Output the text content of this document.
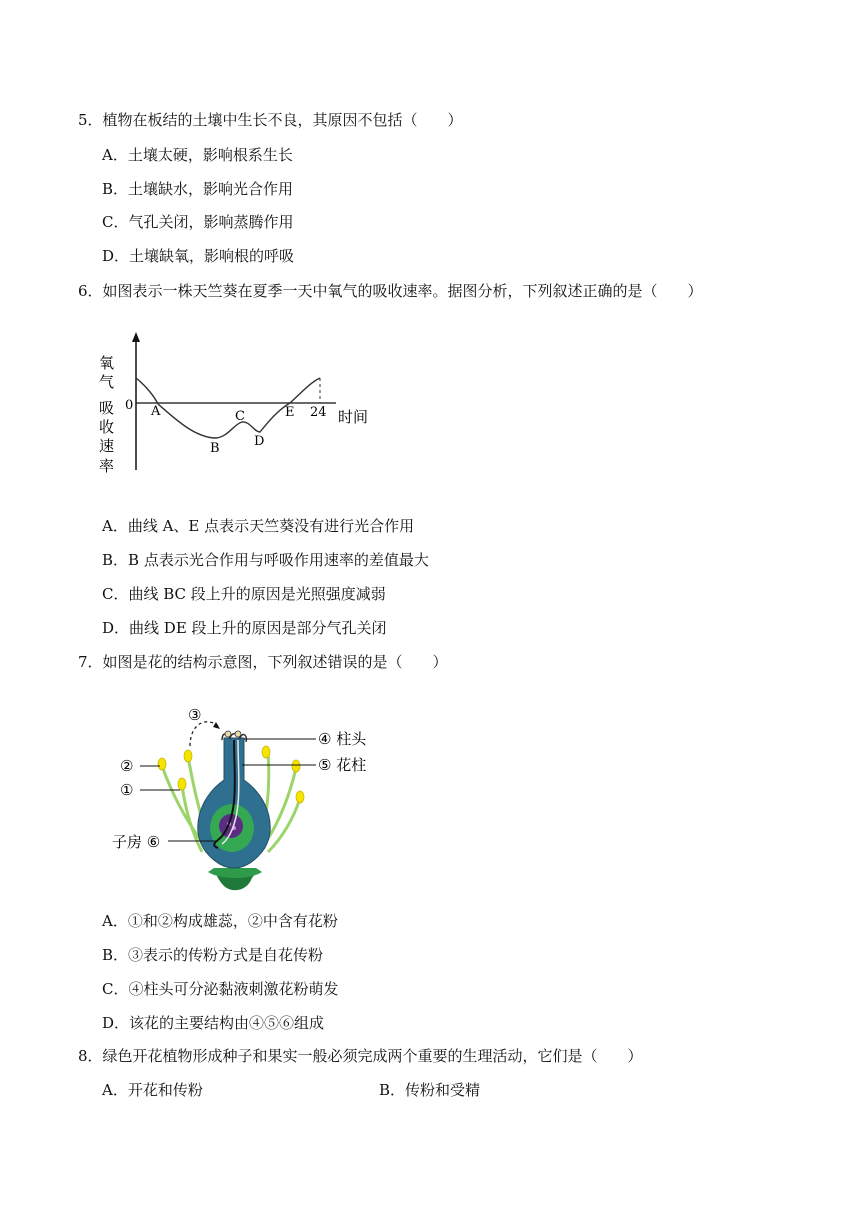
5．植物在板结的土壤中生长不良，其原因不包括（　　）
A．土壤太硬，影响根系生长
B．土壤缺水，影响光合作用
C．气孔关闭，影响蒸腾作用
D．土壤缺氧，影响根的呼吸
6．如图表示一株天竺葵在夏季一天中氧气的吸收速率。据图分析，下列叙述正确的是（　　）
氧
气
吸
收
速
率
0 A
B
C
D
E 24 时间
A．曲线 A、E 点表示天竺葵没有进行光合作用
B．B 点表示光合作用与呼吸作用速率的差值最大
C．曲线 BC 段上升的原因是光照强度减弱
D．曲线 DE 段上升的原因是部分气孔关闭
7．如图是花的结构示意图，下列叙述错误的是（　　）
③
④ 柱头
⑤ 花柱
②
①
子房 ⑥
A．①和②构成雄蕊，②中含有花粉
B．③表示的传粉方式是自花传粉
C．④柱头可分泌黏液刺激花粉萌发
D．该花的主要结构由④⑤⑥组成
8．绿色开花植物形成种子和果实一般必须完成两个重要的生理活动，它们是（　　）
A．开花和传粉	B．传粉和受精
